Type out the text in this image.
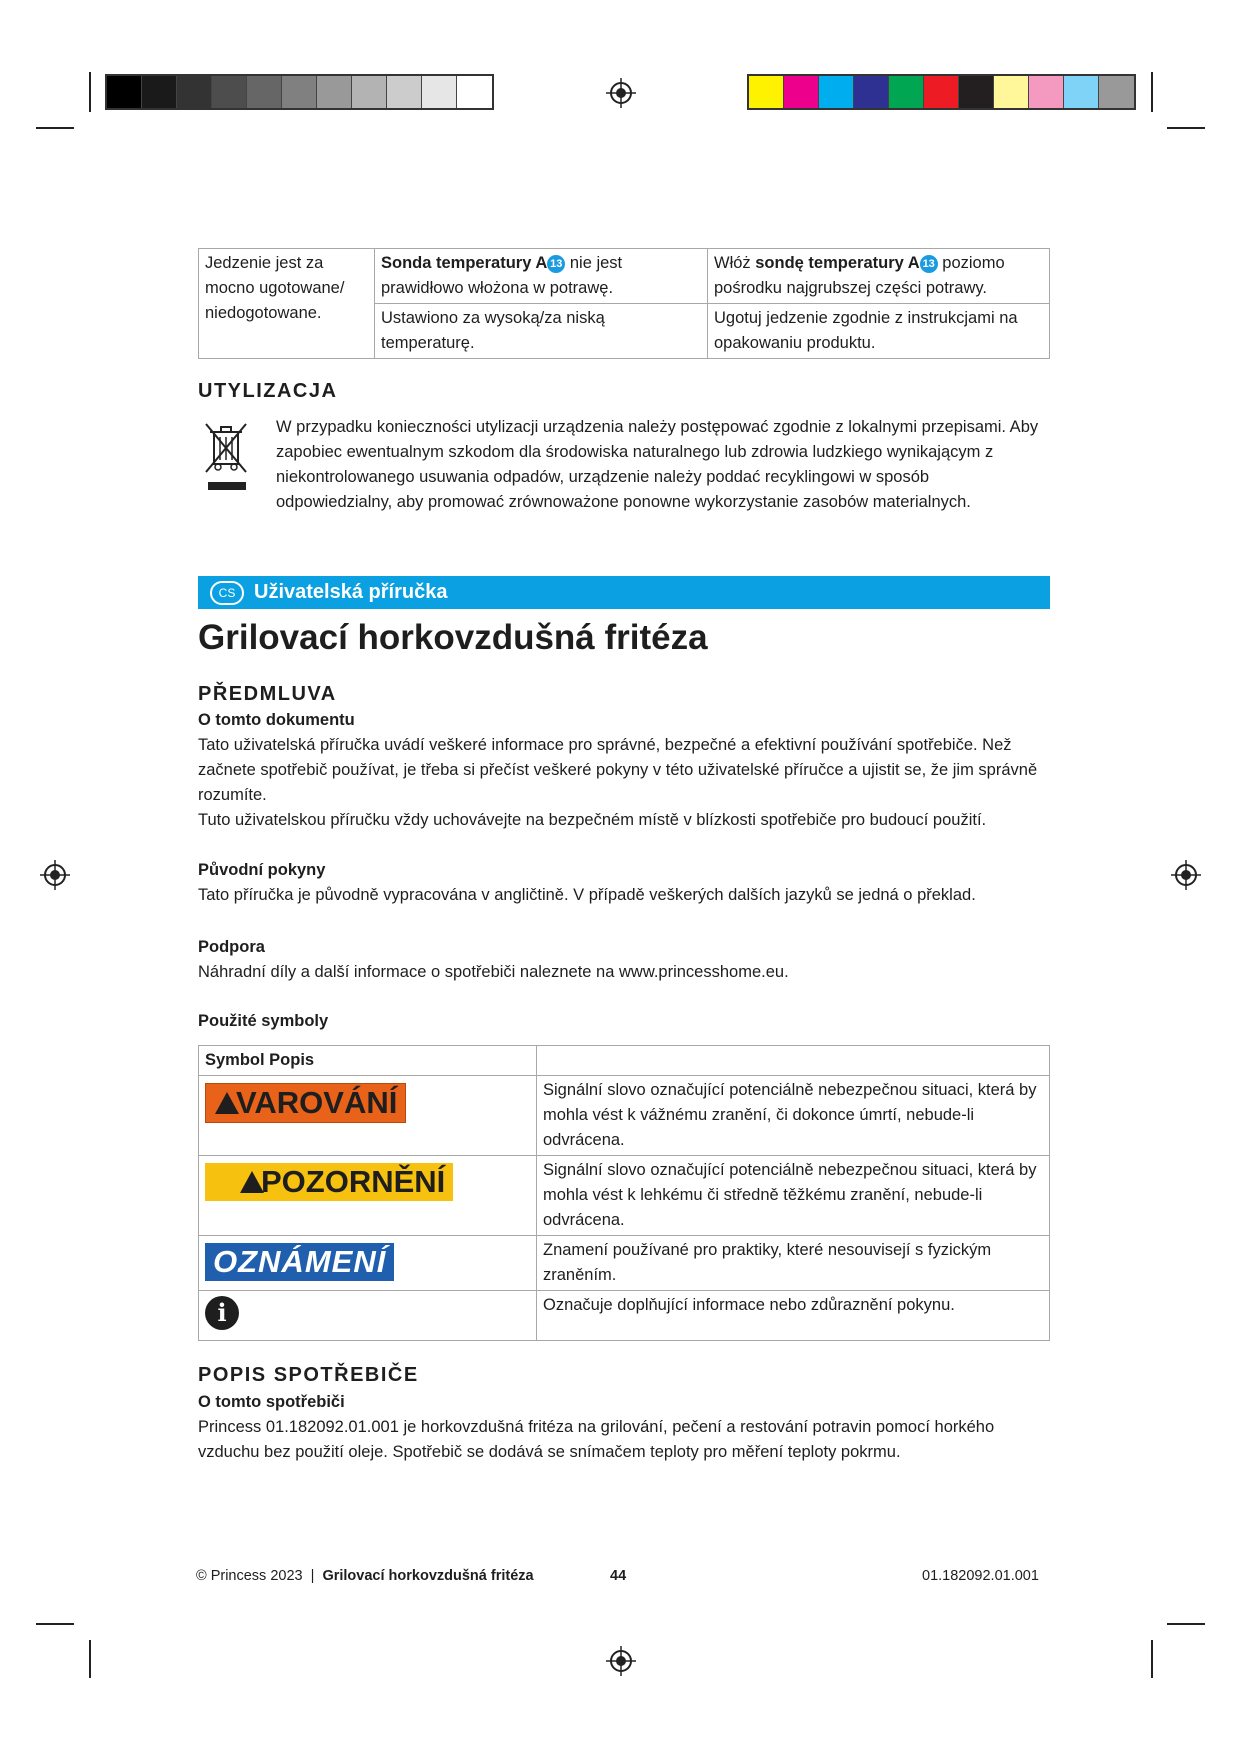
Jedzenie jest za mocno ugotowane/ niedogotowane.	Sonda temperatury A 13 nie jest prawidłowo włożona w potrawę.	Włóż sondę temperatury A 13 poziomo pośrodku najgrubszej części potrawy.
	Ustawiono za wysoką/za niską temperaturę.	Ugotuj jedzenie zgodnie z instrukcjami na opakowaniu produktu.
UTYLIZACJA

W przypadku konieczności utylizacji urządzenia należy postępować zgodnie z lokalnymi przepisami. Aby zapobiec ewentualnym szkodom dla środowiska naturalnego lub zdrowia ludzkiego wynikającym z niekontrolowanego usuwania odpadów, urządzenie należy poddać recyklingowi w sposób odpowiedzialny, aby promować zrównoważone ponowne wykorzystanie zasobów materialnych.

CS Uživatelská příručka
Grilovací horkovzdušná fritéza
PŘEDMLUVA

O tomto dokumentu

Tato uživatelská příručka uvádí veškeré informace pro správné, bezpečné a efektivní používání spotřebiče. Než začnete spotřebič používat, je třeba si přečíst veškeré pokyny v této uživatelské příručce a ujistit se, že jim správně rozumíte.

Tuto uživatelskou příručku vždy uchovávejte na bezpečném místě v blízkosti spotřebiče pro budoucí použití.

Původní pokyny

Tato příručka je původně vypracována v angličtině. V případě veškerých dalších jazyků se jedná o překlad.

Podpora

Náhradní díly a další informace o spotřebiči naleznete na www.princesshome.eu.

Použité symboly

Symbol Popis	
VAROVÁNÍ	Signální slovo označující potenciálně nebezpečnou situaci, která by mohla vést k vážnému zranění, či dokonce úmrtí, nebude-li odvrácena.
POZORNĚNÍ	Signální slovo označující potenciálně nebezpečnou situaci, která by mohla vést k lehkému či středně těžkému zranění, nebude-li odvrácena.
OZNÁMENÍ	Znamení používané pro praktiky, které nesouvisejí s fyzickým zraněním.
i	Označuje doplňující informace nebo zdůraznění pokynu.
POPIS SPOTŘEBIČE

O tomto spotřebiči

Princess 01.182092.01.001 je horkovzdušná fritéza na grilování, pečení a restování potravin pomocí horkého vzduchu bez použití oleje. Spotřebič se dodává se snímačem teploty pro měření teploty pokrmu.

© Princess 2023 | Grilovací horkovzdušná fritéza	44	01.182092.01.001
